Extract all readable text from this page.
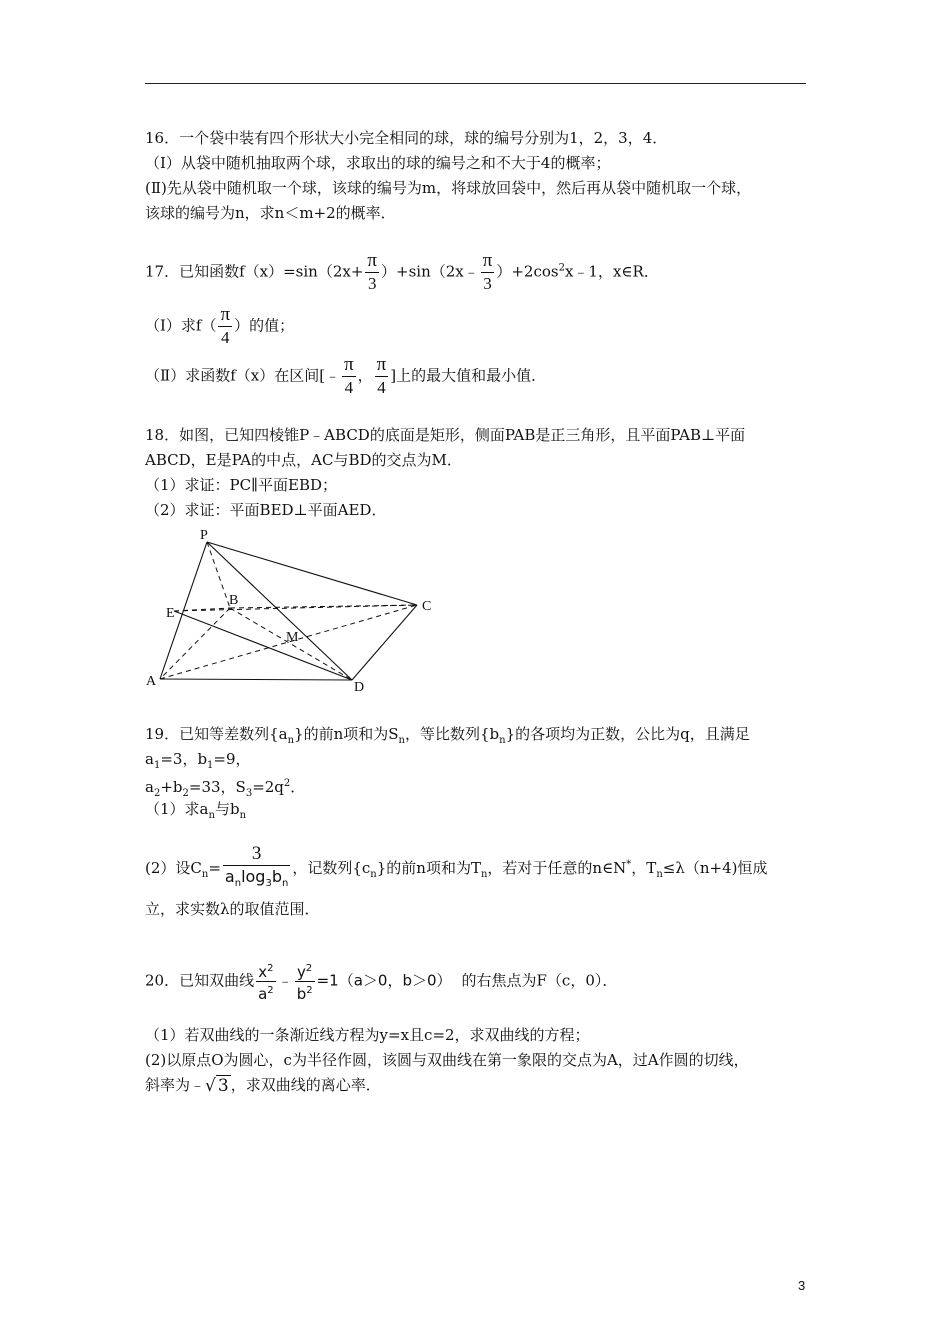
16．一个袋中装有四个形状大小完全相同的球，球的编号分别为1，2，3，4．
（Ⅰ）从袋中随机抽取两个球，求取出的球的编号之和不大于4的概率；
(Ⅱ)先从袋中随机取一个球，该球的编号为m，将球放回袋中，然后再从袋中随机取一个球，
该球的编号为n，求n＜m+2的概率．
17．已知函数$f(x)=\sin(2x+ \frac{\pi}{3}$ ）+sin（2x﹣ $\frac{\pi}{3}$ ）$+2\cos^2x﹣1$，x∈R．
（Ⅰ）求$f( \frac{\pi}{4}$ ）的值；
（Ⅱ）求函数f（x）在区间[﹣ $\frac{\pi}{4}$ ， $\frac{\pi}{4}$ ]上的最大值和最小值．
18．如图，已知四棱锥P﹣ABCD的底面是矩形，侧面PAB是正三角形，且平面PAB⊥平面
ABCD，E是PA的中点，AC与BD的交点为M．
（1）求证：PC∥平面EBD；
（2）求证：平面BED⊥平面AED．
P
B	C
E
M
A	D
19．已知等差数列$\{a_n\}$的前n项和为$S_n$，等比数列$\{b_n\}$的各项均为正数，公比为q，且满足
$a_1=3$，$b_1=9$，
$a_2+b_2=33$，$S_3=2q^2$．
（1）求$a_n$与$b_n$
(2）设$C_n= \frac{3}{a_n\log_3b_n}$ ，记数列$\{c_n\}$的前n项和为$T_n$，若对于任意的n∈N*，$T_n\le\lambda(n+4)$恒成
立，求实数λ的取值范围．
20．已知双曲线 $\frac{x^2}{a^2}$ ﹣ $\frac{y^2}{b^2} =1(a>0$，b＞0） 的右焦点为F（c，0）．
（1）若双曲线的一条渐近线方程为y=x且c=2，求双曲线的方程；
(2)以原点O为圆心，c为半径作圆，该圆与双曲线在第一象限的交点为A，过A作圆的切线，
斜率为﹣√ 3 ，求双曲线的离心率．
3
